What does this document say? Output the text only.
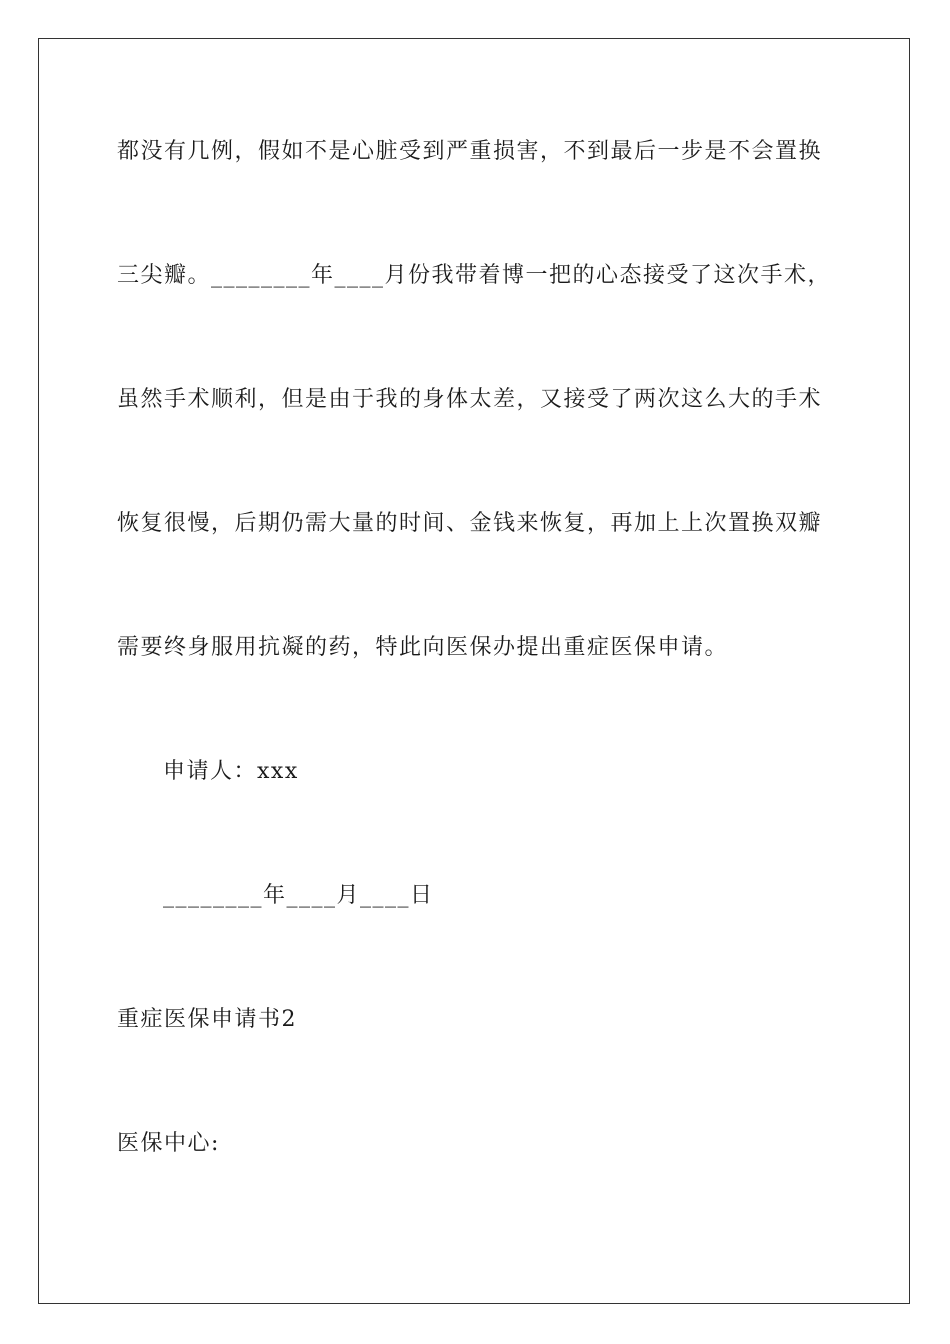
都没有几例，假如不是心脏受到严重损害，不到最后一步是不会置换
三尖瓣。________年____月份我带着博一把的心态接受了这次手术，
虽然手术顺利，但是由于我的身体太差，又接受了两次这么大的手术
恢复很慢，后期仍需大量的时间、金钱来恢复，再加上上次置换双瓣
需要终身服用抗凝的药，特此向医保办提出重症医保申请。
申请人：xxx
________年____月____日
重症医保申请书2
医保中心:
